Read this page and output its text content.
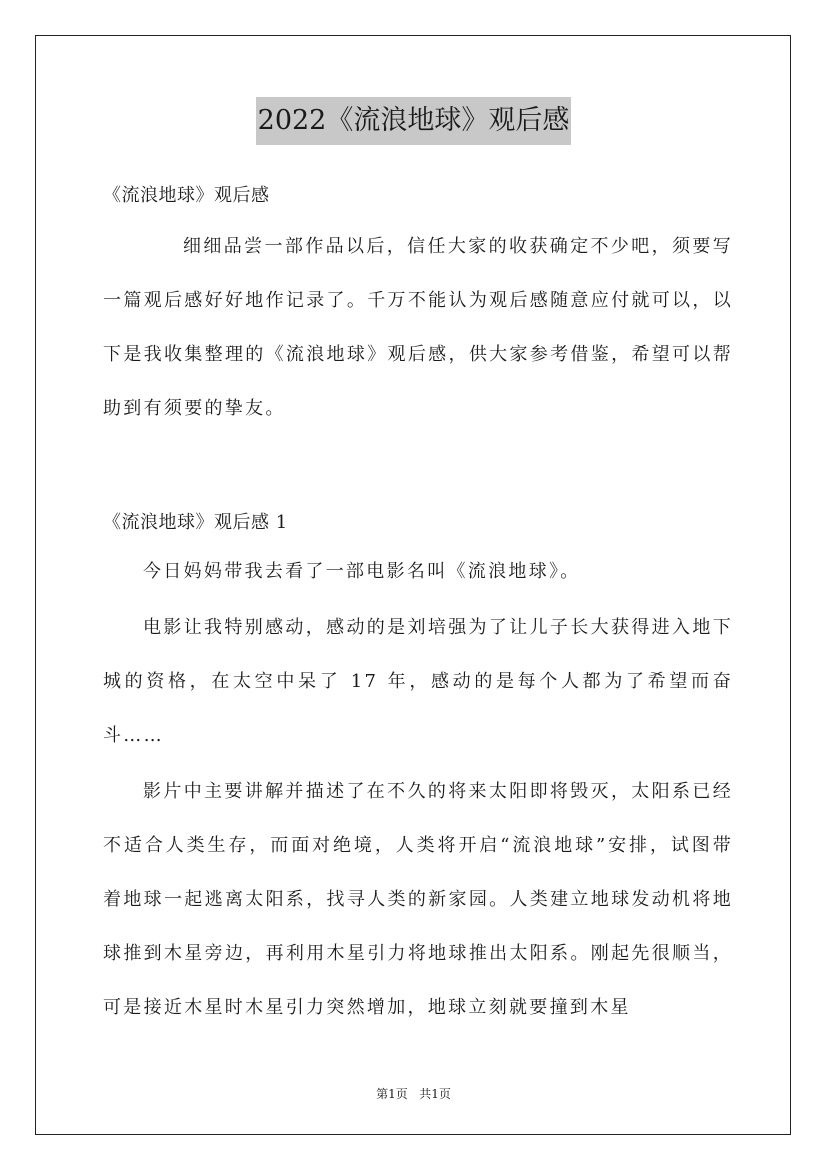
2022《流浪地球》观后感
《流浪地球》观后感

细细品尝一部作品以后，信任大家的收获确定不少吧，须要写一篇观后感好好地作记录了。千万不能认为观后感随意应付就可以，以下是我收集整理的《流浪地球》观后感，供大家参考借鉴，希望可以帮助到有须要的挚友。

《流浪地球》观后感 1

今日妈妈带我去看了一部电影名叫《流浪地球》。

电影让我特别感动，感动的是刘培强为了让儿子长大获得进入地下城的资格，在太空中呆了 17 年，感动的是每个人都为了希望而奋斗……

影片中主要讲解并描述了在不久的将来太阳即将毁灭，太阳系已经不适合人类生存，而面对绝境，人类将开启“流浪地球”安排，试图带着地球一起逃离太阳系，找寻人类的新家园。人类建立地球发动机将地球推到木星旁边，再利用木星引力将地球推出太阳系。刚起先很顺当，可是接近木星时木星引力突然增加，地球立刻就要撞到木星

第1页   共1页
